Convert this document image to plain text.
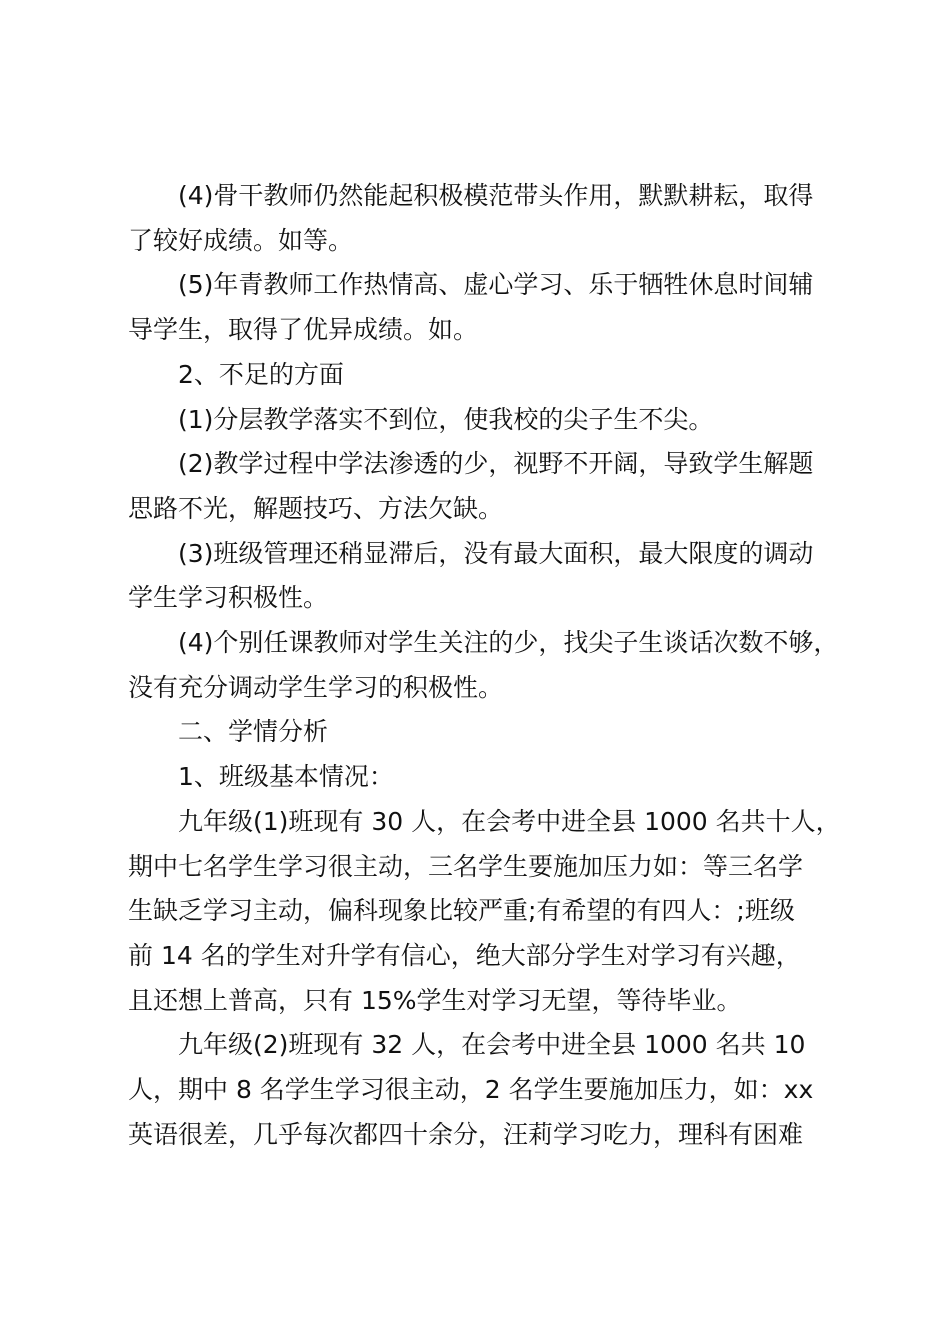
(4)骨干教师仍然能起积极模范带头作用，默默耕耘，取得
了较好成绩。如等。

(5)年青教师工作热情高、虚心学习、乐于牺牲休息时间辅
导学生，取得了优异成绩。如。

2、不足的方面

(1)分层教学落实不到位，使我校的尖子生不尖。

(2)教学过程中学法渗透的少，视野不开阔，导致学生解题
思路不光，解题技巧、方法欠缺。

(3)班级管理还稍显滞后，没有最大面积，最大限度的调动
学生学习积极性。

(4)个别任课教师对学生关注的少，找尖子生谈话次数不够，
没有充分调动学生学习的积极性。

二、学情分析

1、班级基本情况：

九年级(1)班现有 30 人，在会考中进全县 1000 名共十人，
期中七名学生学习很主动，三名学生要施加压力如：等三名学
生缺乏学习主动，偏科现象比较严重;有希望的有四人：;班级
前 14 名的学生对升学有信心，绝大部分学生对学习有兴趣，
且还想上普高，只有 15%学生对学习无望，等待毕业。

九年级(2)班现有 32 人，在会考中进全县 1000 名共 10
人，期中 8 名学生学习很主动，2 名学生要施加压力，如：xx
英语很差，几乎每次都四十余分，汪莉学习吃力，理科有困难
